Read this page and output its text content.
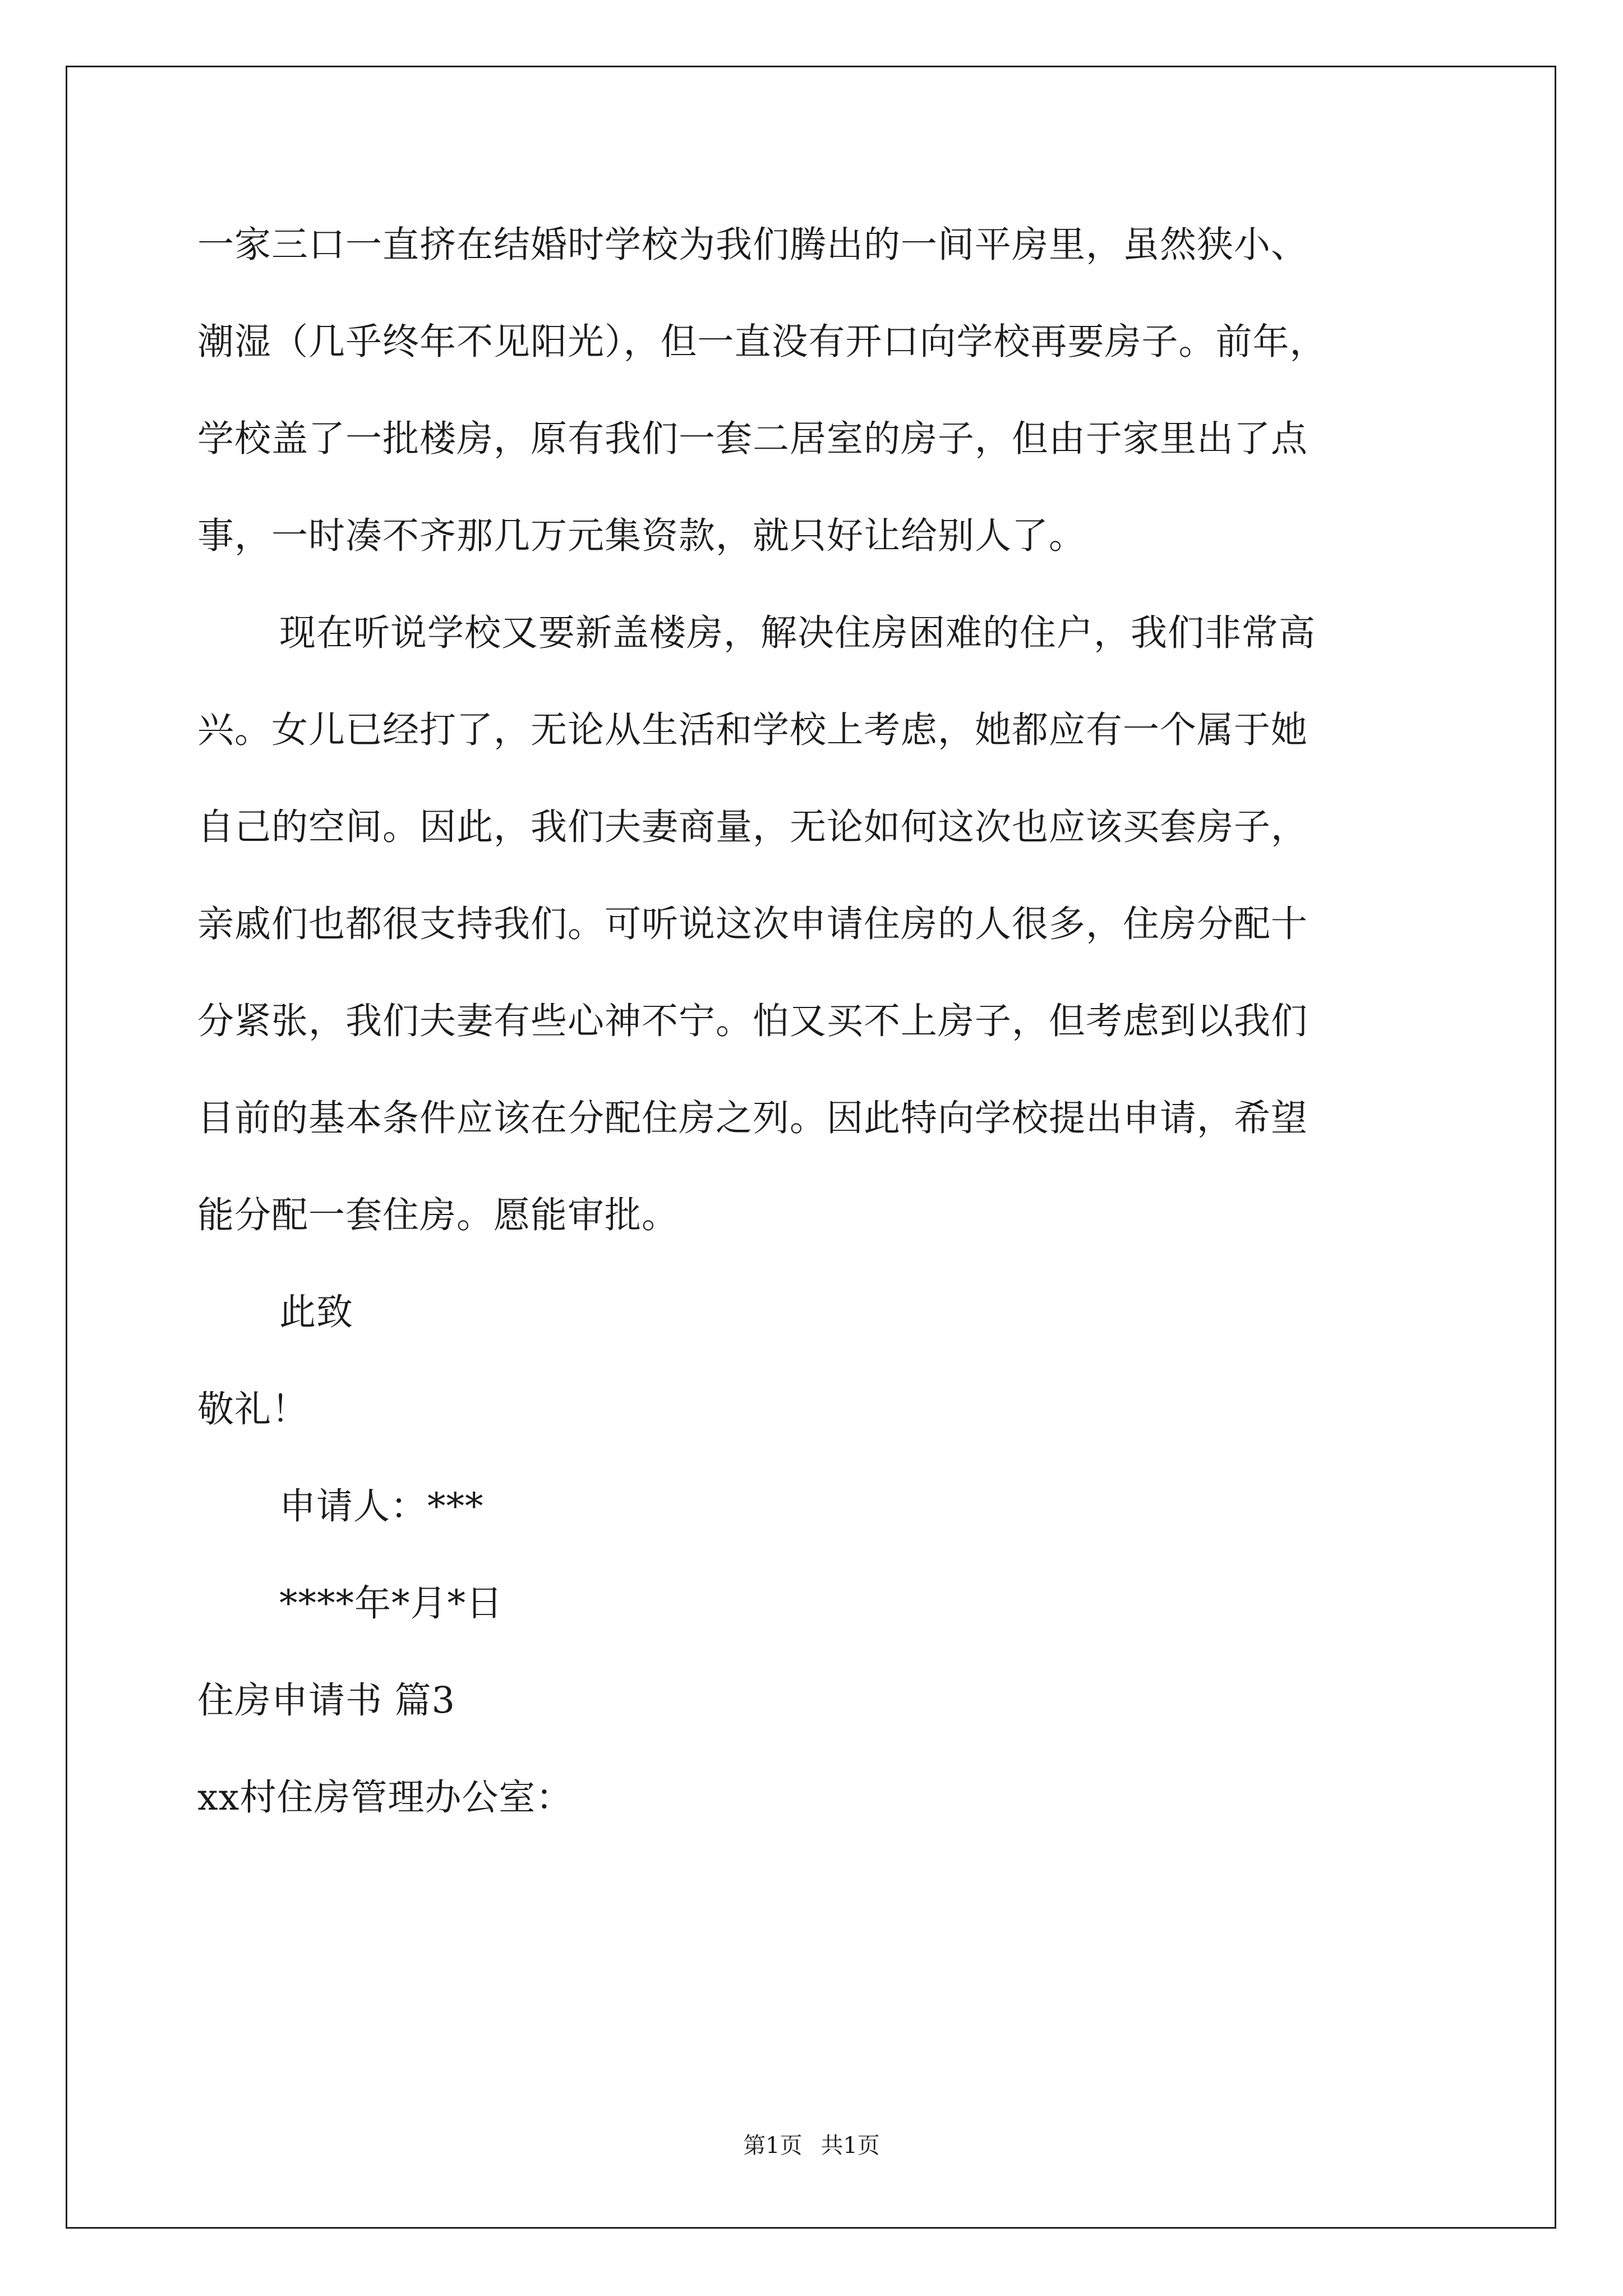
一家三口一直挤在结婚时学校为我们腾出的一间平房里，虽然狭小、
潮湿（几乎终年不见阳光），但一直没有开口向学校再要房子。前年，
学校盖了一批楼房，原有我们一套二居室的房子，但由于家里出了点
事，一时凑不齐那几万元集资款，就只好让给别人了。
现在听说学校又要新盖楼房，解决住房困难的住户，我们非常高
兴。女儿已经打了，无论从生活和学校上考虑，她都应有一个属于她
自己的空间。因此，我们夫妻商量，无论如何这次也应该买套房子，
亲戚们也都很支持我们。可听说这次申请住房的人很多，住房分配十
分紧张，我们夫妻有些心神不宁。怕又买不上房子，但考虑到以我们
目前的基本条件应该在分配住房之列。因此特向学校提出申请，希望
能分配一套住房。愿能审批。
此致
敬礼！
申请人：***
****年*月*日
住房申请书 篇3
xx村住房管理办公室：
第1页 共1页
